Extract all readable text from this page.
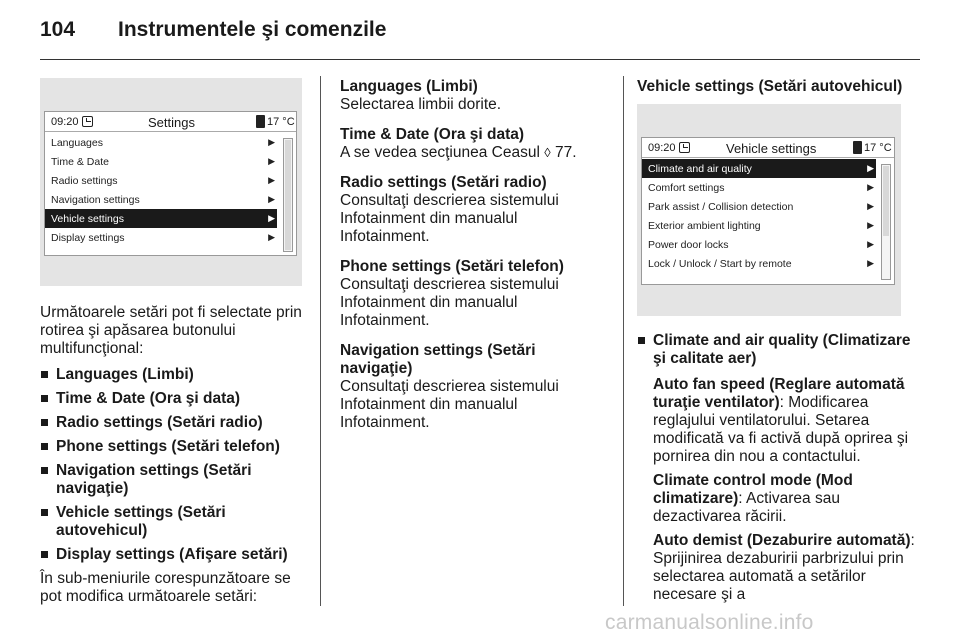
104 Instrumentele şi comenzile
09:20	Settings	17 °C
Languages	▶
Time & Date	▶
Radio settings	▶
Navigation settings	▶
Vehicle settings	▶
Display settings	▶

Următoarele setări pot fi selectate prin rotirea şi apăsarea butonului multifuncţional:

Languages (Limbi)
Time & Date (Ora şi data)
Radio settings (Setări radio)
Phone settings (Setări telefon)
Navigation settings (Setări navigaţie)
Vehicle settings (Setări autovehicul)
Display settings (Afişare setări)

În sub-meniurile corespunzătoare se pot modifica următoarele setări:

Languages (Limbi)
Selectarea limbii dorite.
Time & Date (Ora şi data)
A se vedea secţiunea Ceasul ◊ 77.
Radio settings (Setări radio)
Consultaţi descrierea sistemului Infotainment din manualul Infotainment.
Phone settings (Setări telefon)
Consultaţi descrierea sistemului Infotainment din manualul Infotainment.
Navigation settings (Setări navigaţie)
Consultaţi descrierea sistemului Infotainment din manualul Infotainment.
Vehicle settings (Setări autovehicul)
09:20	Vehicle settings	17 °C
Climate and air quality	▶
Comfort settings	▶
Park assist / Collision detection	▶
Exterior ambient lighting	▶
Power door locks	▶
Lock / Unlock / Start by remote	▶
Climate and air quality (Climatizare şi calitate aer)

Auto fan speed (Reglare automată turaţie ventilator): Modificarea reglajului ventilatorului. Setarea modificată va fi activă după oprirea şi pornirea din nou a contactului.

Climate control mode (Mod climatizare): Activarea sau dezactivarea răcirii.

Auto demist (Dezaburire automată): Sprijinirea dezaburirii parbrizului prin selectarea automată a setărilor necesare şi a

carmanualsonline.info
